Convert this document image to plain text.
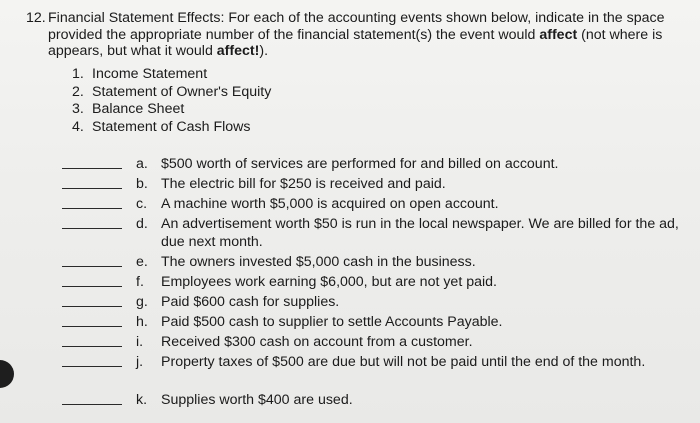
12. Financial Statement Effects: For each of the accounting events shown below, indicate in the space provided the appropriate number of the financial statement(s) the event would affect (not where is appears, but what it would affect!).
1. Income Statement
2. Statement of Owner's Equity
3. Balance Sheet
4. Statement of Cash Flows
a. $500 worth of services are performed for and billed on account.
b. The electric bill for $250 is received and paid.
c. A machine worth $5,000 is acquired on open account.
d. An advertisement worth $50 is run in the local newspaper. We are billed for the ad, due next month.
e. The owners invested $5,000 cash in the business.
f.	Employees work earning $6,000, but are not yet paid.
g. Paid $600 cash for supplies.
h. Paid $500 cash to supplier to settle Accounts Payable.
i.	Received $300 cash on account from a customer.
j.	Property taxes of $500 are due but will not be paid until the end of the month.
k. Supplies worth $400 are used.
